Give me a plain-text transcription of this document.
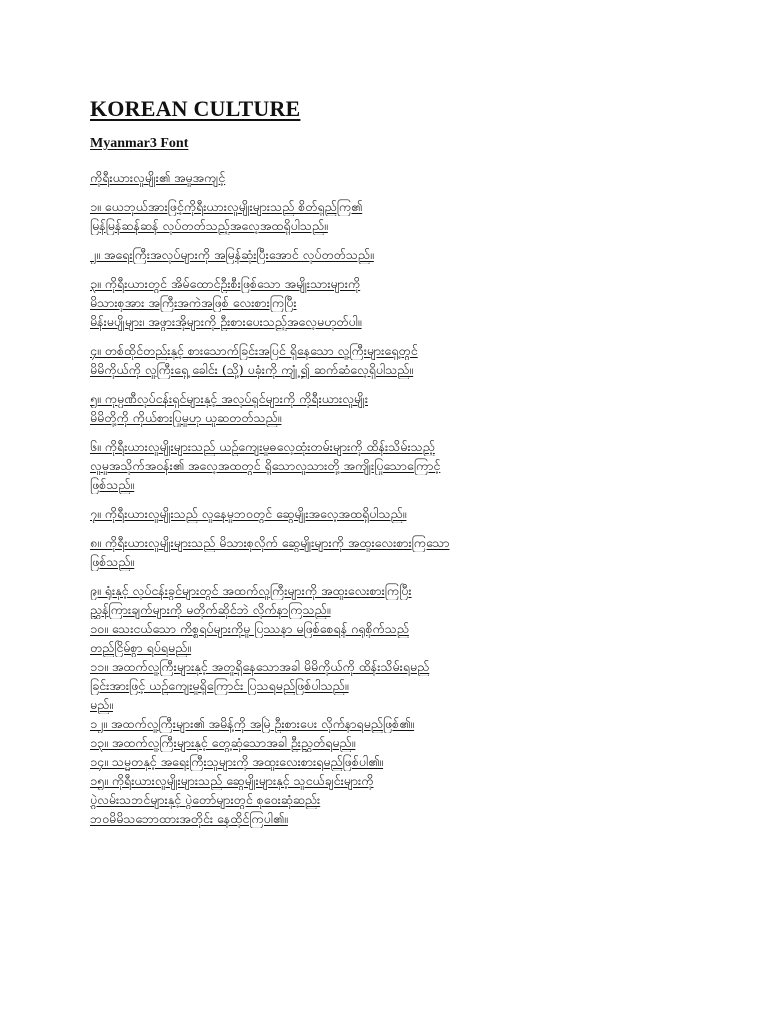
KOREAN CULTURE
Myanmar3 Font
ကိုရီးယားလူမျိုး၏ အမူအကျင့်
၁။ ယေဘုယ်အားဖြင့်ကိုရီးယားလူမျိုးများသည် စိတ်ရှည်ကြ၏
မြန်မြန်ဆန်ဆန် လုပ်တတ်သည့်အလေ့အထရှိပါသည်။
၂။ အရေးကြီးအလုပ်များကို အမြန်ဆုံးပြီးအောင် လုပ်တတ်သည်။
၃။ ကိုရီးယားတွင် အိမ်ထောင်ဦးစီးဖြစ်သော အမျိုးသားများကို
မိသားစုအား အကြီးအကဲအဖြစ် လေးစားကြပြီး
မိန်းမပျိုများ၊ အဖွားအိုများကို ဦးစားပေးသည့်အလေ့မဟုတ်ပါ။
၄။ တစ်ထိုင်တည်းနှင့် စားသောက်ခြင်းအပြင် ရှိနေသော လူကြီးများရှေ့တွင်
မိမိကိုယ်ကို လူကြီးရှေ့ ခေါင်း (သို့) ပခုံးကို ကျုံ့၍ ဆက်ဆံလေ့ရှိပါသည်။
၅။ ကုမ္ပဏီလုပ်ငန်းရှင်များနှင့် အလုပ်ရှင်များကို ကိုရီးယားလူမျိုး
မိမိတို့ကို ကိုယ်စားပြုမှုဟု ယူဆတတ်သည်။
၆။ ကိုရီးယားလူမျိုးများသည် ယဉ်ကျေးမှုဓလေ့ထုံးတမ်းများကို ထိန်းသိမ်းသည့်
လူမှုအသိုက်အဝန်း၏ အလေ့အထတွင် ရှိသောလူသားတို့ အကျိုးပြုသောကြောင့်
ဖြစ်သည်။
၇။ ကိုရီးယားလူမျိုးသည် လူနေမှုဘဝတွင် ဆွေမျိုးအလေ့အထရှိပါသည်။
၈။ ကိုရီးယားလူမျိုးများသည် မိသားစုလိုက် ဆွေမျိုးများကို အထူးလေးစားကြသော
ဖြစ်သည်။
၉။ ရုံးနှင့် လုပ်ငန်းခွင်များတွင် အထက်လူကြီးများကို အထူးလေးစားကြပြီး
ညွှန်ကြားချက်များကို မတိုက်ဆိုင်ဘဲ လိုက်နာကြသည်။
၁၀။ သေးငယ်သော ကိစ္စရပ်များကိုမူ ပြဿနာ မဖြစ်စေရန် ဂရုစိုက်သည်
တည်ငြိမ်စွာ ရပ်ရမည်။
၁၁။ အထက်လူကြီးများနှင့် အတူရှိနေသောအခါ မိမိကိုယ်ကို ထိန်းသိမ်းရမည်
ခြင်းအားဖြင့် ယဉ်ကျေးမှုရှိကြောင်း ပြသရမည်ဖြစ်ပါသည်။
မည်။
၁၂။ အထက်လူကြီးများ၏ အမိန့်ကို အမြဲ ဦးစားပေး လိုက်နာရမည်ဖြစ်၏။
၁၃။ အထက်လူကြီးများနှင့် တွေ့ဆုံသောအခါ ဦးညွှတ်ရမည်။
၁၄။ သမ္မတနှင့် အရေးကြီးသူများကို အထူးလေးစားရမည်ဖြစ်ပါ၏။
၁၅။ ကိုရီးယားလူမျိုးများသည် ဆွေမျိုးများနှင့် သူငယ်ချင်းများကို
ပွဲလမ်းသဘင်များနှင့် ပွဲတော်များတွင် စုဝေးဆုံဆည်း
ဘဝမိမိသဘောထားအတိုင်း နေထိုင်ကြပါ၏။
